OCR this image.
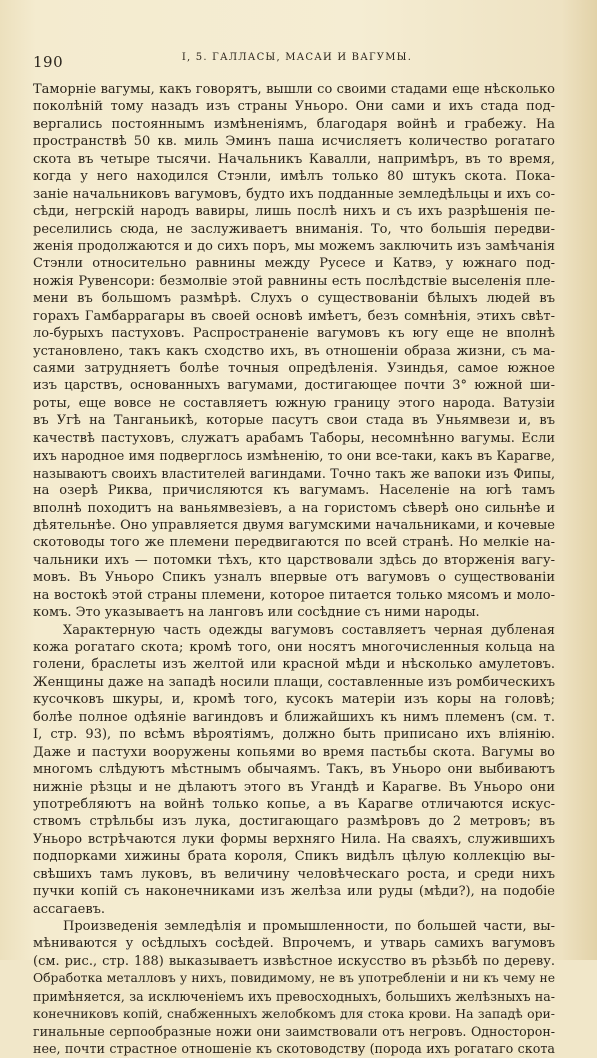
190	I, 5. ГАЛЛАСЫ, МАСАИ И ВАГУМЫ.
Таморнiе вагумы, какъ говорятъ, вышли со своими стадами еще нѣсколько
поколѣнiй тому назадъ изъ страны Уньоро. Они сами и ихъ стада под-
вергались постояннымъ измѣненiямъ, благодаря войнѣ и грабежу. На
пространствѣ 50 кв. миль Эминъ паша исчисляетъ количество рогатаго
скота въ четыре тысячи. Начальникъ Кавалли, напримѣръ, въ то время,
когда у него находился Стэнли, имѣлъ только 80 штукъ скота. Пока-
занiе начальниковъ вагумовъ, будто ихъ подданные земледѣльцы и ихъ со-
сѣди, негрскiй народъ вавиры, лишь послѣ нихъ и съ ихъ разрѣшенiя пе-
реселились сюда, не заслуживаетъ вниманiя. То, что большiя передви-
женiя продолжаются и до сихъ поръ, мы можемъ заключить изъ замѣчанiя
Стэнли относительно равнины между Русесе и Катвэ, у южнаго под-
ножiя Рувенсори: безмолвiе этой равнины есть послѣдствiе выселенiя пле-
мени въ большомъ размѣрѣ. Слухъ о существованiи бѣлыхъ людей въ
горахъ Гамбаррагары въ своей основѣ имѣетъ, безъ сомнѣнiя, этихъ свѣт-
ло-бурыхъ пастуховъ. Распространенiе вагумовъ къ югу еще не вполнѣ
установлено, такъ какъ сходство ихъ, въ отношенiи образа жизни, съ ма-
саями затрудняетъ болѣе точныя опредѣленiя. Узиндья, самое южное
изъ царствъ, основанныхъ вагумами, достигающее почти 3° южной ши-
роты, еще вовсе не составляетъ южную границу этого народа. Ватузiи
въ Угѣ на Танганьикѣ, которые пасутъ свои стада въ Уньямвези и, въ
качествѣ пастуховъ, служатъ арабамъ Таборы, несомнѣнно вагумы. Если
ихъ народное имя подверглось измѣненiю, то они все-таки, какъ въ Карагве,
называютъ своихъ властителей вагиндами. Точно такъ же вапоки изъ Фипы,
на озерѣ Риква, причисляются къ вагумамъ. Населенiе на югѣ тамъ
вполнѣ походитъ на ваньямвезiевъ, а на гористомъ сѣверѣ оно сильнѣе и
дѣятельнѣе. Оно управляется двумя вагумскими начальниками, и кочевые
скотоводы того же племени передвигаются по всей странѣ. Но мелкiе на-
чальники ихъ — потомки тѣхъ, кто царствовали здѣсь до вторженiя вагу-
мовъ. Въ Уньоро Спикъ узналъ впервые отъ вагумовъ о существованiи
на востокѣ этой страны племени, которое питается только мясомъ и моло-
комъ. Это указываетъ на ланговъ или сосѣдние съ ними народы.
Характерную часть одежды вагумовъ составляетъ черная дубленая
кожа рогатаго скота; кромѣ того, они носятъ многочисленныя кольца на
голени, браслеты изъ желтой или красной мѣди и нѣсколько амулетовъ.
Женщины даже на западѣ носили плащи, составленные изъ ромбическихъ
кусочковъ шкуры, и, кромѣ того, кусокъ матерiи изъ коры на головѣ;
болѣе полное одѣянiе вагиндовъ и ближайшихъ къ нимъ племенъ (см. т.
I, стр. 93), по всѣмъ вѣроятiямъ, должно быть приписано ихъ влiянiю.
Даже и пастухи вооружены копьями во время пастьбы скота. Вагумы во
многомъ слѣдуютъ мѣстнымъ обычаямъ. Такъ, въ Уньоро они выбиваютъ
нижнiе рѣзцы и не дѣлаютъ этого въ Угандѣ и Карагве. Въ Уньоро они
употребляютъ на войнѣ только копье, а въ Карагве отличаются искус-
ствомъ стрѣльбы изъ лука, достигающаго размѣровъ до 2 метровъ; въ
Уньоро встрѣчаются луки формы верхняго Нила. На сваяхъ, служившихъ
подпорками хижины брата короля, Спикъ видѣлъ цѣлую коллекцiю вы-
свѣшихъ тамъ луковъ, въ величину человѣческаго роста, и среди нихъ
пучки копiй съ наконечниками изъ желѣза или руды (мѣди?), на подобiе
ассагаевъ.
Произведенiя земледѣлiя и промышленности, по большей части, вы-
мѣниваются у осѣдлыхъ сосѣдей. Впрочемъ, и утварь самихъ вагумовъ
(см. рис., стр. 188) выказываетъ извѣстное искусство въ рѣзьбѣ по дереву.
Обработка металловъ у нихъ, повидимому, не въ употребленiи и ни къ чему не
примѣняется, за исключенiемъ ихъ превосходныхъ, большихъ желѣзныхъ на-
конечниковъ копiй, снабженныхъ желобкомъ для стока крови. На западѣ ори-
гинальные серпообразные ножи они заимствовали отъ негровъ. Односторон-
нее, почти страстное отношенiе къ скотоводству (порода ихъ рогатаго скота
